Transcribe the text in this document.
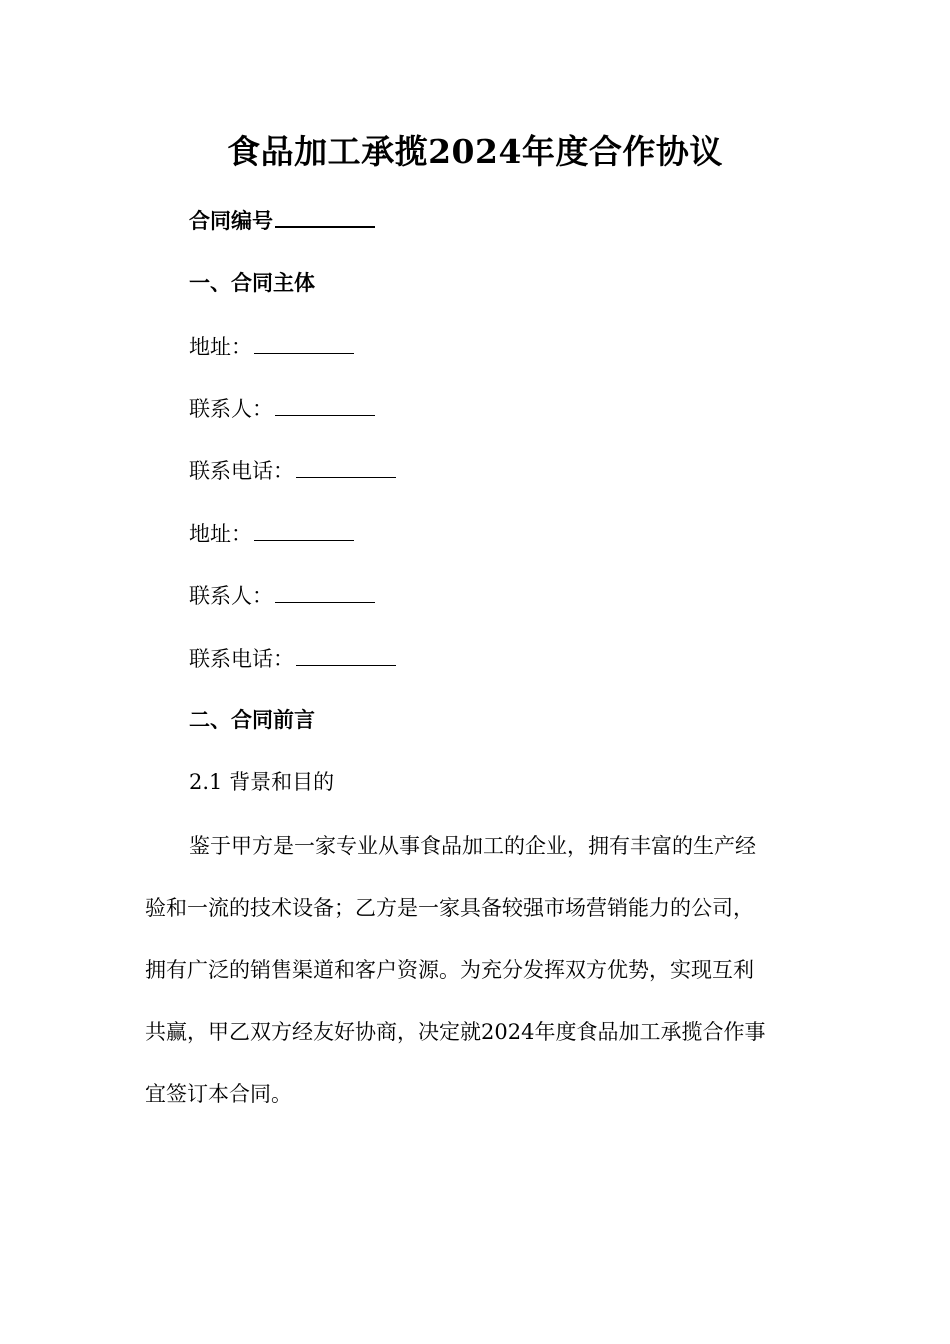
食品加工承揽2024年度合作协议
合同编号
一、合同主体
地址：
联系人：
联系电话：
地址：
联系人：
联系电话：
二、合同前言
2.1 背景和目的
鉴于甲方是一家专业从事食品加工的企业，拥有丰富的生产经
验和一流的技术设备；乙方是一家具备较强市场营销能力的公司，
拥有广泛的销售渠道和客户资源。为充分发挥双方优势，实现互利
共赢，甲乙双方经友好协商，决定就2024年度食品加工承揽合作事
宜签订本合同。
